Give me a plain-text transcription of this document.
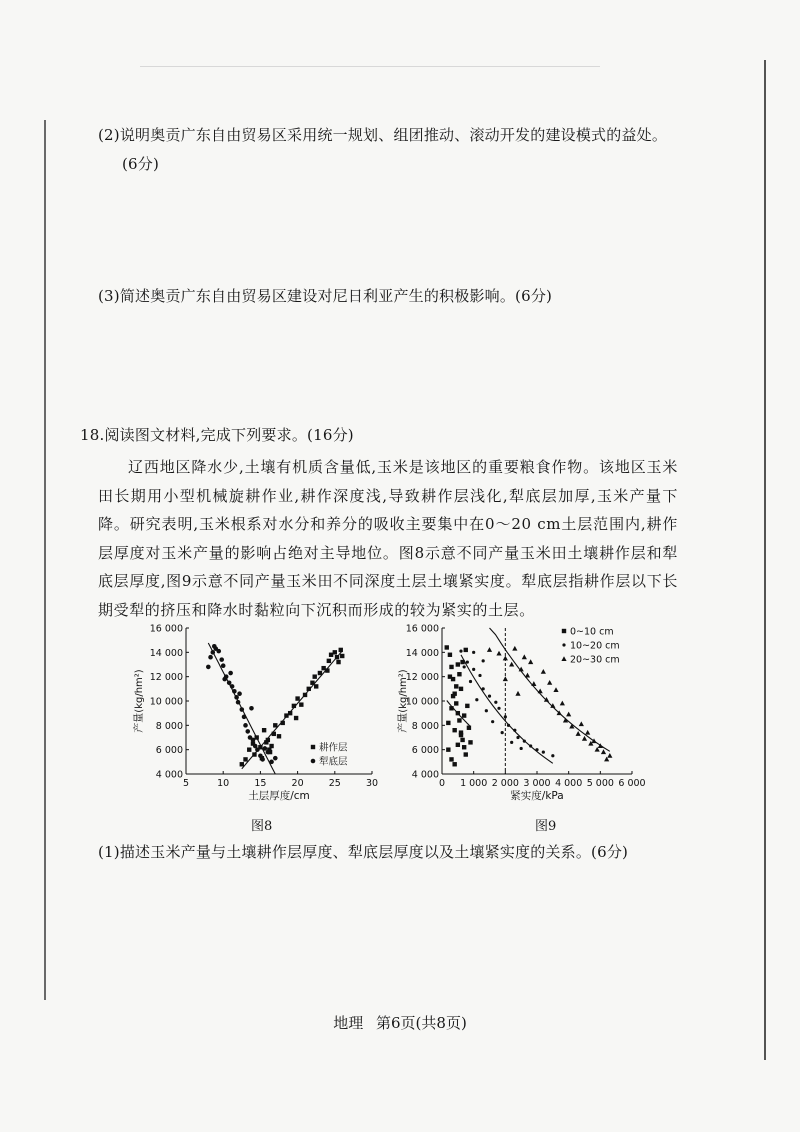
(2)说明奥贡广东自由贸易区采用统一规划、组团推动、滚动开发的建设模式的益处。
(6分)
(3)简述奥贡广东自由贸易区建设对尼日利亚产生的积极影响。(6分)
18.阅读图文材料,完成下列要求。(16分)

辽西地区降水少,土壤有机质含量低,玉米是该地区的重要粮食作物。该地区玉米田长期用小型机械旋耕作业,耕作深度浅,导致耕作层浅化,犁底层加厚,玉米产量下降。研究表明,玉米根系对水分和养分的吸收主要集中在0～20 cm土层范围内,耕作层厚度对玉米产量的影响占绝对主导地位。图8示意不同产量玉米田土壤耕作层和犁底层厚度,图9示意不同产量玉米田不同深度土层土壤紧实度。犁底层指耕作层以下长期受犁的挤压和降水时黏粒向下沉积而形成的较为紧实的土层。

4 000
6 000
8 000
10 000
12 000
14 000
16 000
5	10	15	20	25	30
土层厚度/cm
产量(kg/hm²)
耕作层
犁底层
4 000
6 000
8 000
10 000
12 000
14 000
16 000
0 1 000 2 000 3 000 4 000 5 000 6 000
紧实度/kPa
产量(kg/hm²)
0~10 cm
10~20 cm
20~30 cm
图8	图9
(1)描述玉米产量与土壤耕作层厚度、犁底层厚度以及土壤紧实度的关系。(6分)
地理 第6页(共8页)
